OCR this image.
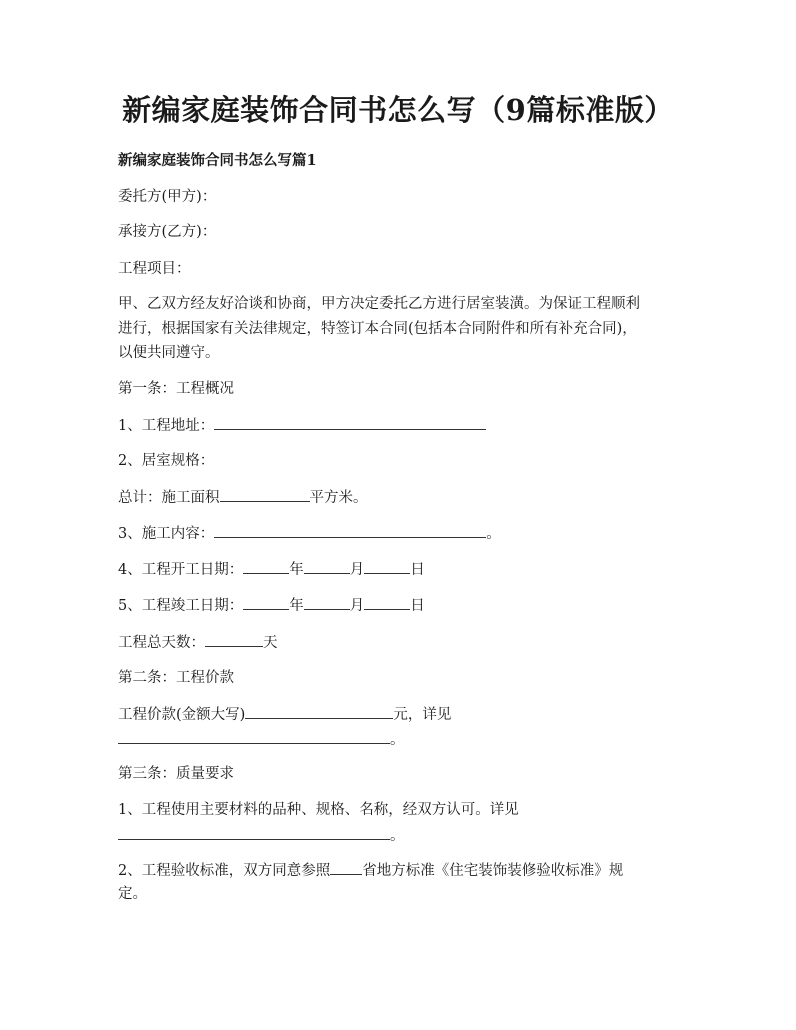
新编家庭装饰合同书怎么写（9篇标准版）

新编家庭装饰合同书怎么写篇1

委托方(甲方)：

承接方(乙方)：

工程项目：

甲、乙双方经友好洽谈和协商，甲方决定委托乙方进行居室装潢。为保证工程顺利

进行，根据国家有关法律规定，特签订本合同(包括本合同附件和所有补充合同)，

以便共同遵守。

第一条：工程概况

1、工程地址：

2、居室规格：

总计：施工面积	平方米。

3、施工内容：	。

4、工程开工日期：	年	月	日

5、工程竣工日期：	年	月	日

工程总天数：	天

第二条：工程价款

工程价款(金额大写)	元，详见

。

第三条：质量要求

1、工程使用主要材料的品种、规格、名称，经双方认可。详见

。

2、工程验收标准，双方同意参照 省地方标准《住宅装饰装修验收标准》规

定。
